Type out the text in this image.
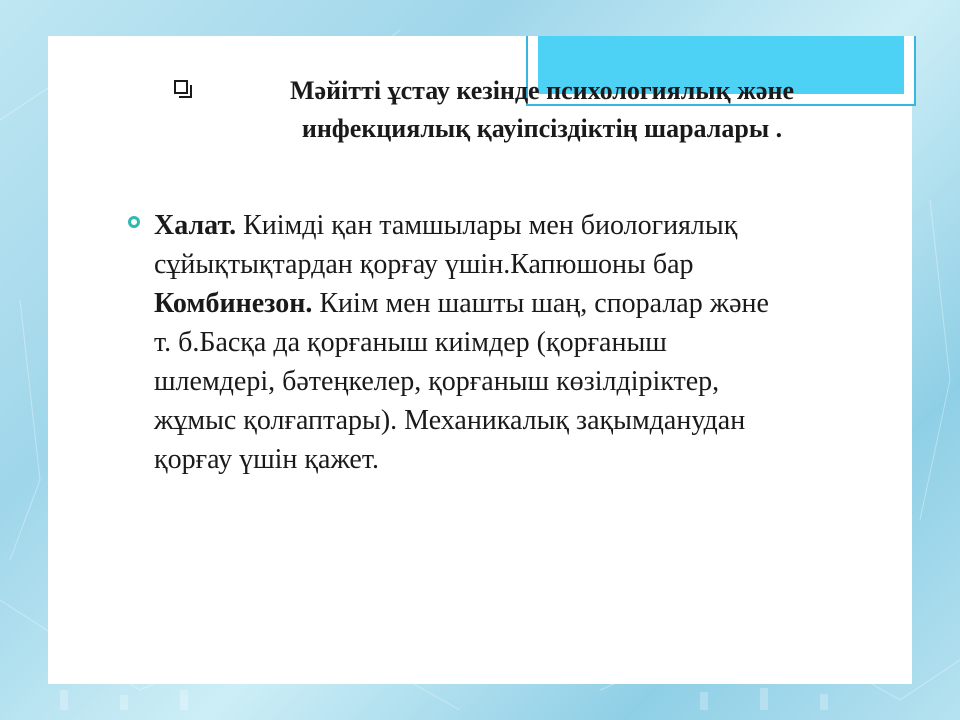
Мәйітті ұстау кезінде психологиялық және
инфекциялық қауіпсіздіктің шаралары .
Халат. Киімді қан тамшылары мен биологиялық
сұйықтықтардан қорғау үшін.Капюшоны бар
Комбинезон. Киім мен шашты шаң, споралар және
т. б.Басқа да қорғаныш киімдер (қорғаныш
шлемдері, бәтеңкелер, қорғаныш көзілдіріктер,
жұмыс қолғаптары). Механикалық зақымданудан
қорғау үшін қажет.
